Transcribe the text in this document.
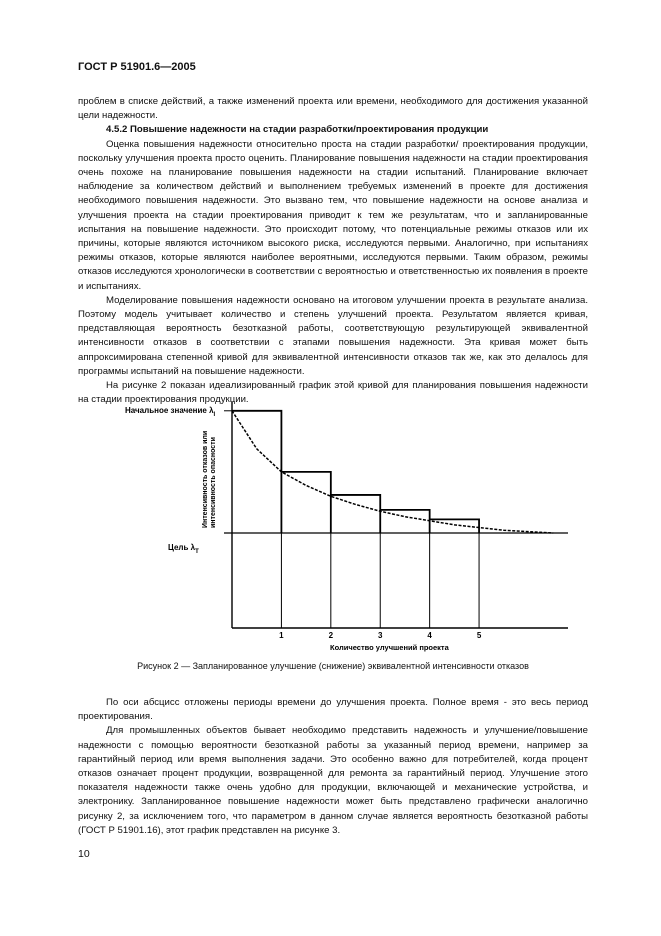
ГОСТ Р 51901.6—2005

проблем в списке действий, а также изменений проекта или времени, необходимого для достижения указанной цели надежности.

4.5.2 Повышение надежности на стадии разработки/проектирования продукции

Оценка повышения надежности относительно проста на стадии разработки/ проектирования продукции, поскольку улучшения проекта просто оценить. Планирование повышения надежности на стадии проектирования очень похоже на планирование повышения надежности на стадии испытаний. Планирование включает наблюдение за количеством действий и выполнением требуемых изменений в проекте для достижения необходимого повышения надежности. Это вызвано тем, что повышение надежности на основе анализа и улучшения проекта на стадии проектирования приводит к тем же результатам, что и запланированные испытания на повышение надежности. Это происходит потому, что потенциальные режимы отказов или их причины, которые являются источником высокого риска, исследуются первыми. Аналогично, при испытаниях режимы отказов, которые являются наиболее вероятными, исследуются первыми. Таким образом, режимы отказов исследуются хронологически в соответствии с вероятностью и ответственностью их появления в проекте и испытаниях.

Моделирование повышения надежности основано на итоговом улучшении проекта в результате анализа. Поэтому модель учитывает количество и степень улучшений проекта. Результатом является кривая, представляющая вероятность безотказной работы, соответствующую результирующей эквивалентной интенсивности отказов в соответствии с этапами повышения надежности. Эта кривая может быть аппроксимирована степенной кривой для эквивалентной интенсивности отказов так же, как это делалось для программы испытаний на повышение надежности.

На рисунке 2 показан идеализированный график этой кривой для планирования повышения надежности на стадии проектирования продукции.

1	2	3	4	5
Начальное значение $\lambda_I$
Цель $\lambda_T$
Интенсивность отказов или интенсивность опасности
Количество улучшений проекта
Рисунок 2 — Запланированное улучшение (снижение) эквивалентной интенсивности отказов

По оси абсцисс отложены периоды времени до улучшения проекта. Полное время - это весь период проектирования.

Для промышленных объектов бывает необходимо представить надежность и улучшение/повышение надежности с помощью вероятности безотказной работы за указанный период времени, например за гарантийный период или время выполнения задачи. Это особенно важно для потребителей, когда процент отказов означает процент продукции, возвращенной для ремонта за гарантийный период. Улучшение этого показателя надежности также очень удобно для продукции, включающей и механические устройства, и электронику. Запланированное повышение надежности может быть представлено графически аналогично рисунку 2, за исключением того, что параметром в данном случае является вероятность безотказной работы (ГОСТ Р 51901.16), этот график представлен на рисунке 3.

10
